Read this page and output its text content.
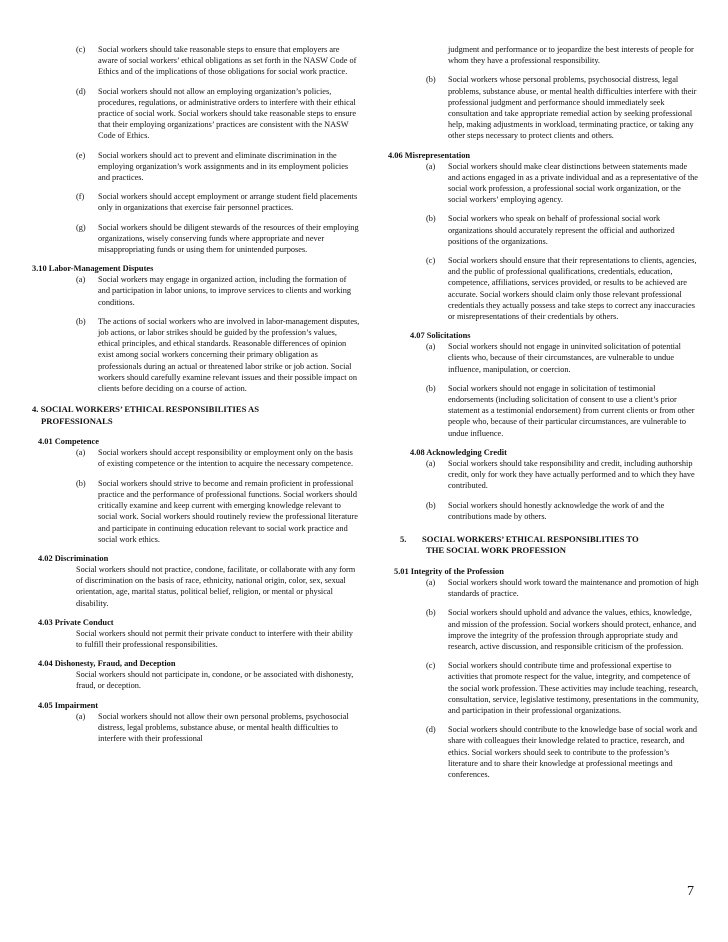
(c)	Social workers should take reasonable steps to ensure that employers are aware of social workers’ ethical obligations as set forth in the NASW Code of Ethics and of the implications of those obligations for social work practice.
(d)	Social workers should not allow an employing organization’s policies, procedures, regulations, or administrative orders to interfere with their ethical practice of social work. Social workers should take reasonable steps to ensure that their employing organizations’ practices are consistent with the NASW Code of Ethics.
(e)	Social workers should act to prevent and eliminate discrimination in the employing organization’s work assignments and in its employment policies and practices.
(f)	Social workers should accept employment or arrange student field placements only in organizations that exercise fair personnel practices.
(g)	Social workers should be diligent stewards of the resources of their employing organizations, wisely conserving funds where appropriate and never misappropriating funds or using them for unintended purposes.
3.10 Labor-Management Disputes
(a)	Social workers may engage in organized action, including the formation of and participation in labor unions, to improve services to clients and working conditions.
(b)	The actions of social workers who are involved in labor-management disputes, job actions, or labor strikes should be guided by the profession’s values, ethical principles, and ethical standards. Reasonable differences of opinion exist among social workers concerning their primary obligation as professionals during an actual or threatened labor strike or job action. Social workers should carefully examine relevant issues and their possible impact on clients before deciding on a course of action.
4. SOCIAL WORKERS’ ETHICAL RESPONSIBILITIES AS
PROFESSIONALS
4.01 Competence
(a)	Social workers should accept responsibility or employment only on the basis of existing competence or the intention to acquire the necessary competence.
(b)	Social workers should strive to become and remain proficient in professional practice and the performance of professional functions. Social workers should critically examine and keep current with emerging knowledge relevant to social work. Social workers should routinely review the professional literature and participate in continuing education relevant to social work practice and social work ethics.
4.02 Discrimination
Social workers should not practice, condone, facilitate, or collaborate with any form of discrimination on the basis of race, ethnicity, national origin, color, sex, sexual orientation, age, marital status, political belief, religion, or mental or physical disability.
4.03 Private Conduct
Social workers should not permit their private conduct to interfere with their ability to fulfill their professional responsibilities.
4.04 Dishonesty, Fraud, and Deception
Social workers should not participate in, condone, or be associated with dishonesty, fraud, or deception.
4.05 Impairment
(a)	Social workers should not allow their own personal problems, psychosocial distress, legal problems, substance abuse, or mental health difficulties to interfere with their professional
judgment and performance or to jeopardize the best interests of people for whom they have a professional responsibility.
(b)	Social workers whose personal problems, psychosocial distress, legal problems, substance abuse, or mental health difficulties interfere with their professional judgment and performance should immediately seek consultation and take appropriate remedial action by seeking professional help, making adjustments in workload, terminating practice, or taking any other steps necessary to protect clients and others.
4.06 Misrepresentation
(a)	Social workers should make clear distinctions between statements made and actions engaged in as a private individual and as a representative of the social work profession, a professional social work organization, or the social workers’ employing agency.
(b)	Social workers who speak on behalf of professional social work organizations should accurately represent the official and authorized positions of the organizations.
(c)	Social workers should ensure that their representations to clients, agencies, and the public of professional qualifications, credentials, education, competence, affiliations, services provided, or results to be achieved are accurate. Social workers should claim only those relevant professional credentials they actually possess and take steps to correct any inaccuracies or misrepresentations of their credentials by others.
4.07 Solicitations
(a)	Social workers should not engage in uninvited solicitation of potential clients who, because of their circumstances, are vulnerable to undue influence, manipulation, or coercion.
(b)	Social workers should not engage in solicitation of testimonial endorsements (including solicitation of consent to use a client’s prior statement as a testimonial endorsement) from current clients or from other people who, because of their particular circumstances, are vulnerable to undue influence.
4.08 Acknowledging Credit
(a)	Social workers should take responsibility and credit, including authorship credit, only for work they have actually performed and to which they have contributed.
(b)	Social workers should honestly acknowledge the work of and the contributions made by others.
5.	SOCIAL WORKERS’ ETHICAL RESPONSIBLITIES TO
THE SOCIAL WORK PROFESSION
5.01 Integrity of the Profession
(a)	Social workers should work toward the maintenance and promotion of high standards of practice.
(b)	Social workers should uphold and advance the values, ethics, knowledge, and mission of the profession. Social workers should protect, enhance, and improve the integrity of the profession through appropriate study and research, active discussion, and responsible criticism of the profession.
(c)	Social workers should contribute time and professional expertise to activities that promote respect for the value, integrity, and competence of the social work profession. These activities may include teaching, research, consultation, service, legislative testimony, presentations in the community, and participation in their professional organizations.
(d)	Social workers should contribute to the knowledge base of social work and share with colleagues their knowledge related to practice, research, and ethics. Social workers should seek to contribute to the profession’s literature and to share their knowledge at professional meetings and conferences.
7
